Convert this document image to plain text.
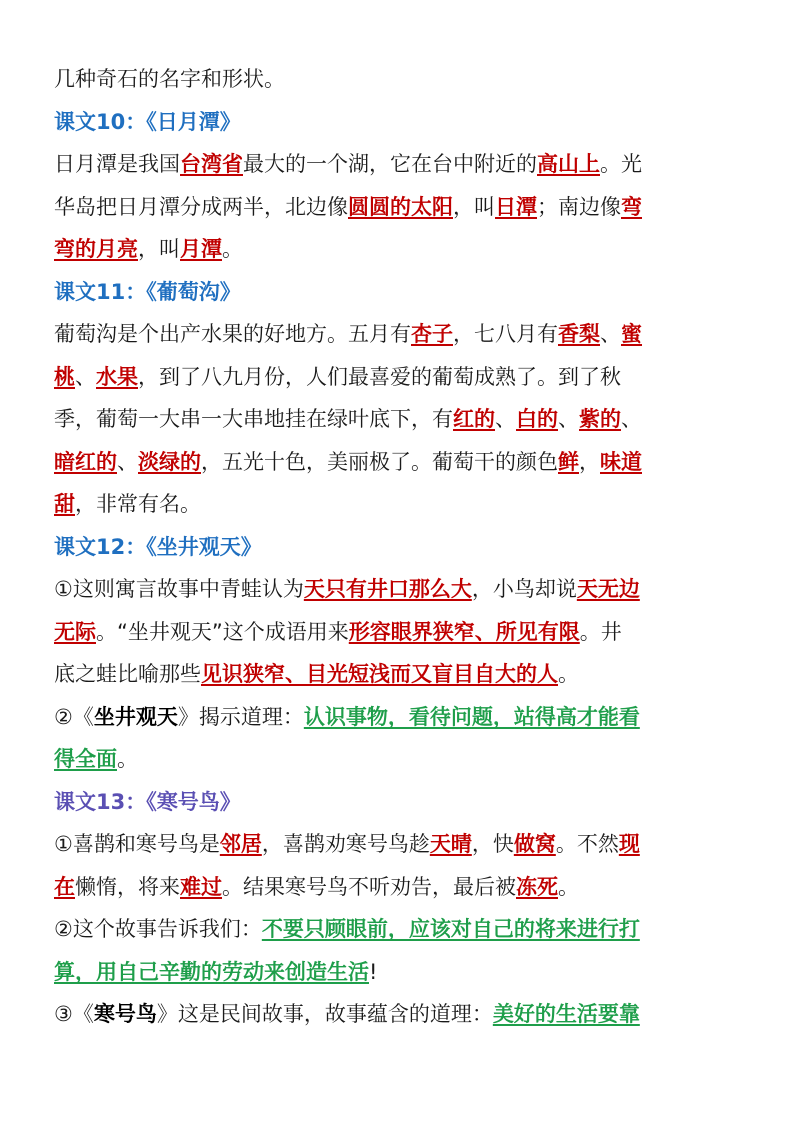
几种奇石的名字和形状。
课文10：《日月潭》
日月潭是我国台湾省最大的一个湖，它在台中附近的高山上。光
华岛把日月潭分成两半，北边像圆圆的太阳，叫日潭；南边像弯
弯的月亮，叫月潭。
课文11：《葡萄沟》
葡萄沟是个出产水果的好地方。五月有杏子，七八月有香梨、蜜
桃、水果，到了八九月份，人们最喜爱的葡萄成熟了。到了秋
季，葡萄一大串一大串地挂在绿叶底下，有红的、白的、紫的、
暗红的、淡绿的，五光十色，美丽极了。葡萄干的颜色鲜，味道
甜，非常有名。
课文12：《坐井观天》
①这则寓言故事中青蛙认为天只有井口那么大，小鸟却说天无边
无际。“坐井观天”这个成语用来形容眼界狭窄、所见有限。井
底之蛙比喻那些见识狭窄、目光短浅而又盲目自大的人。
②《坐井观天》揭示道理：认识事物，看待问题，站得高才能看
得全面。
课文13：《寒号鸟》
①喜鹊和寒号鸟是邻居，喜鹊劝寒号鸟趁天晴，快做窝。不然现
在懒惰，将来难过。结果寒号鸟不听劝告，最后被冻死。
②这个故事告诉我们：不要只顾眼前，应该对自己的将来进行打
算，用自己辛勤的劳动来创造生活!
③《寒号鸟》这是民间故事，故事蕴含的道理：美好的生活要靠
